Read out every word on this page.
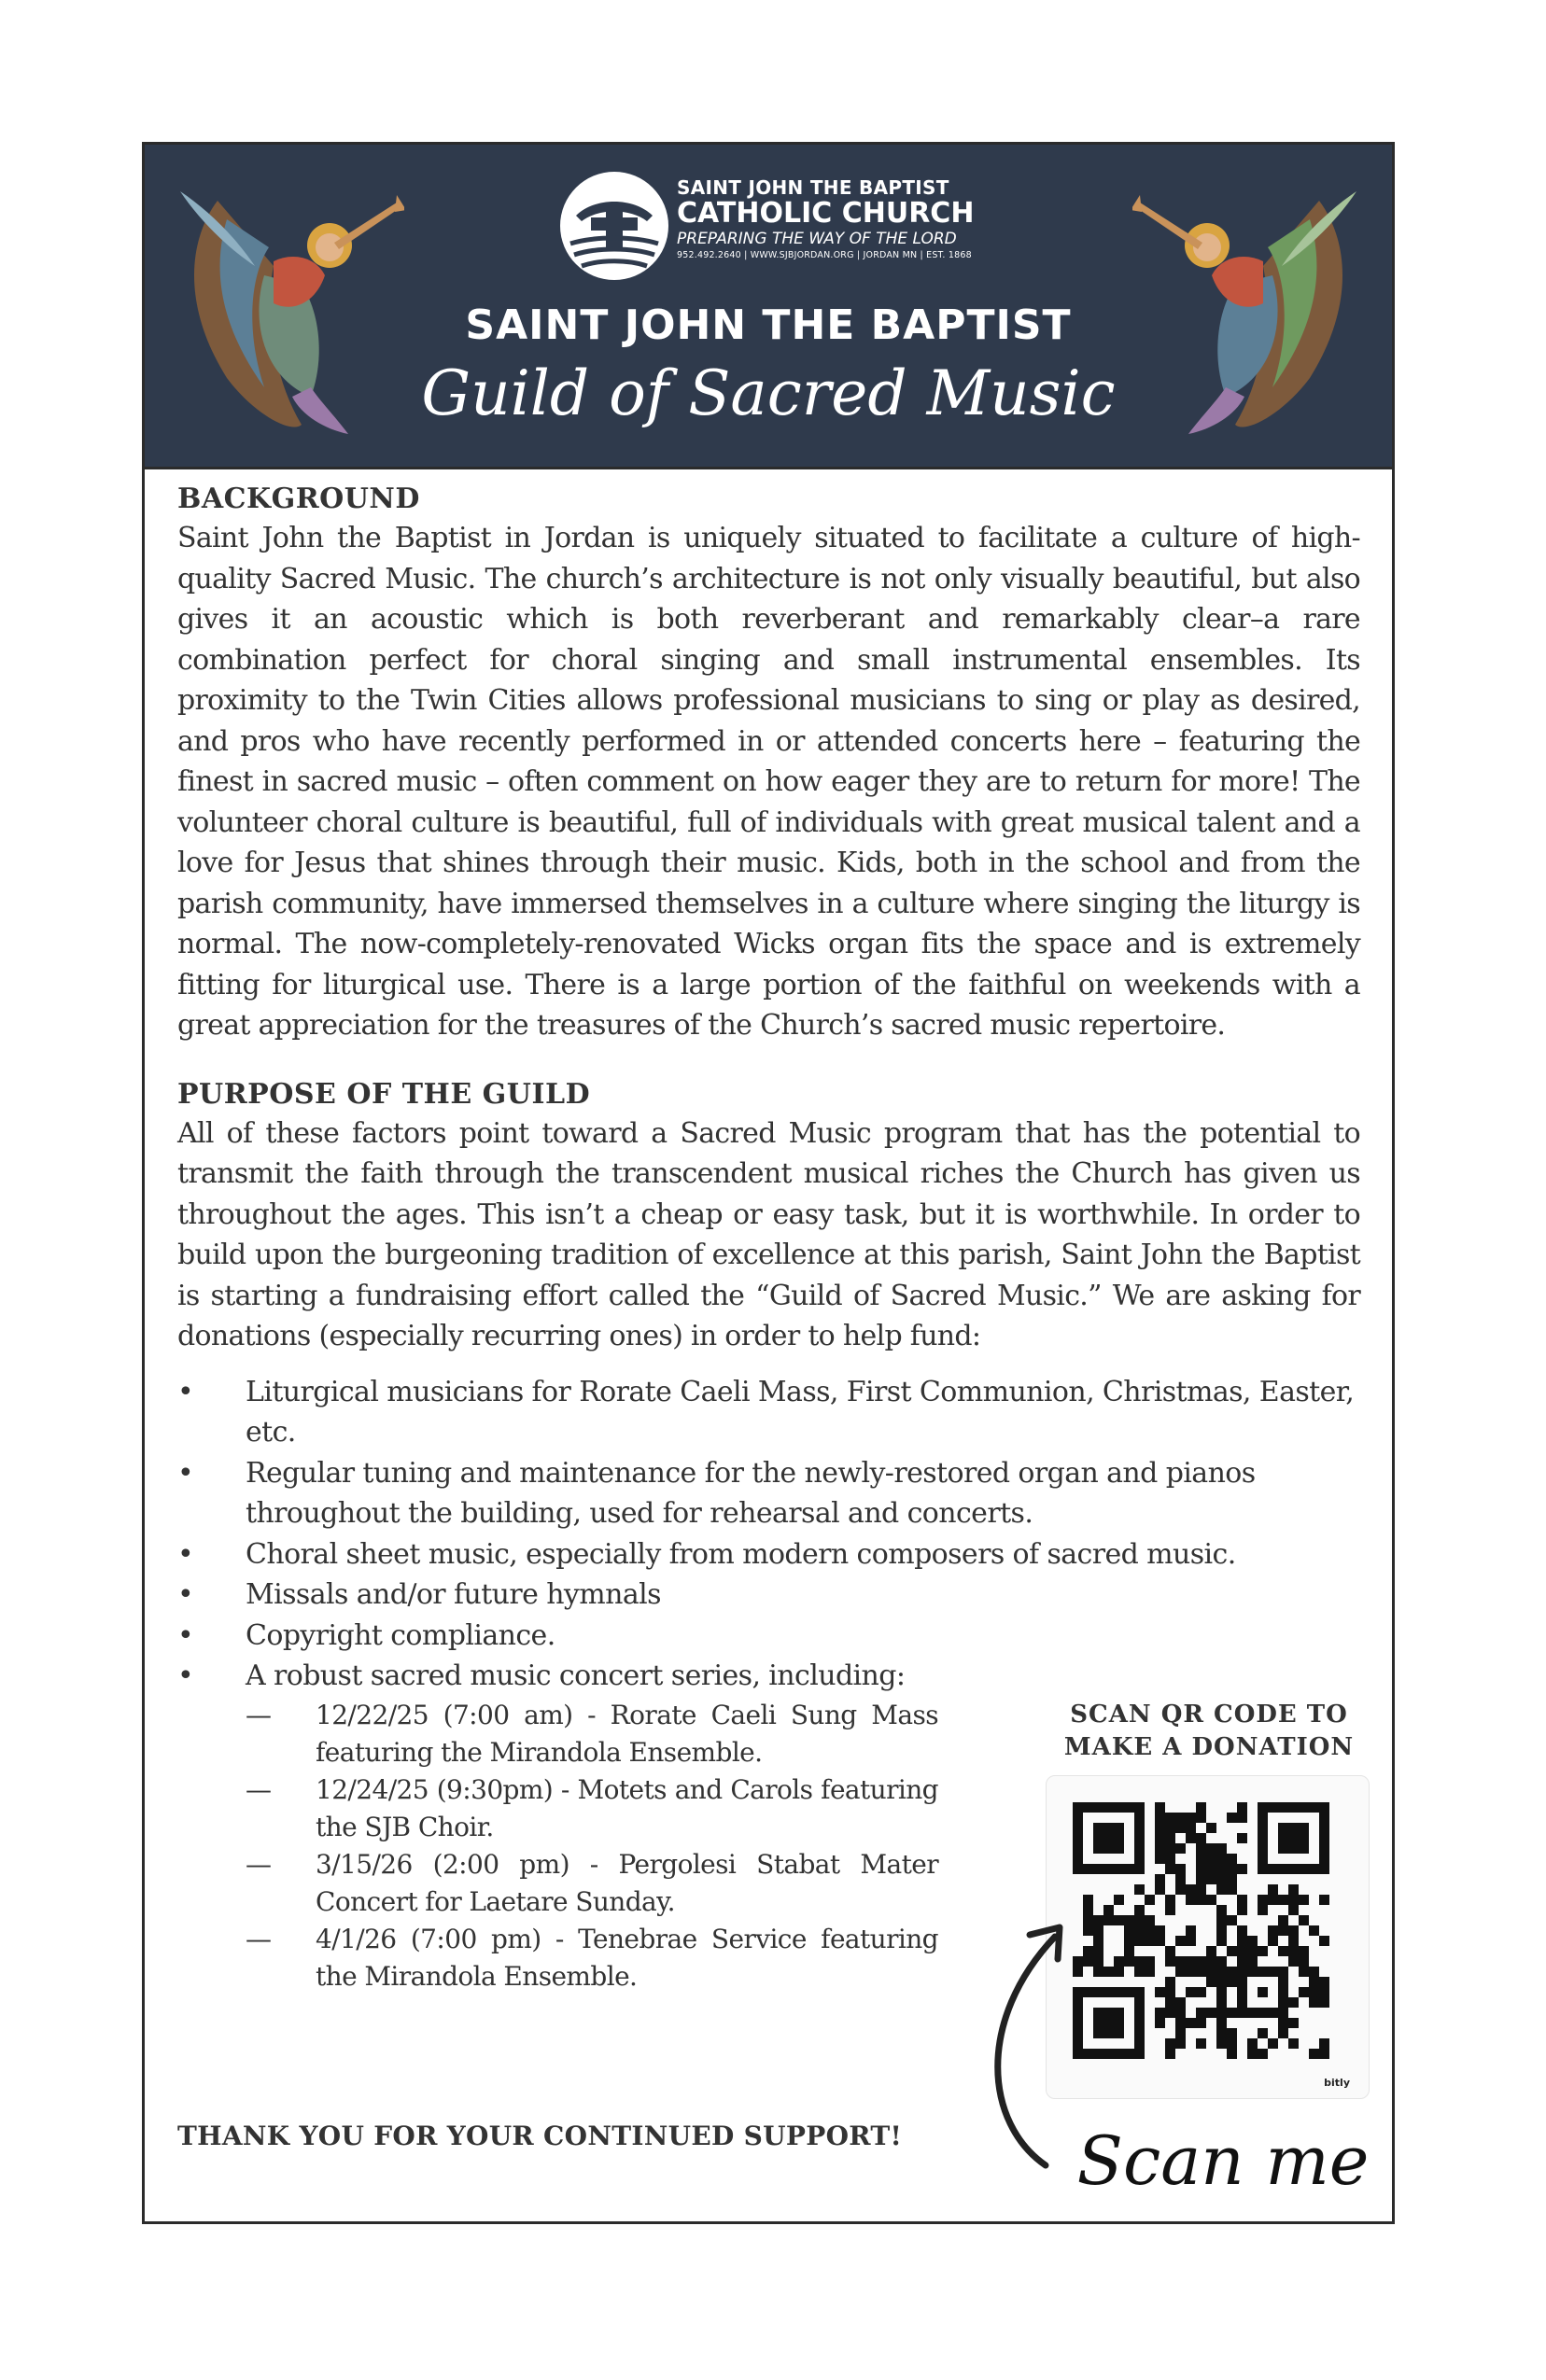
SAINT JOHN THE BAPTIST
CATHOLIC CHURCH
PREPARING THE WAY OF THE LORD
952.492.2640 | WWW.SJBJORDAN.ORG | JORDAN MN | EST. 1868
SAINT JOHN THE BAPTIST
Guild of Sacred Music

BACKGROUND

Saint John the Baptist in Jordan is uniquely situated to facilitate a culture of high-quality Sacred Music. The church’s architecture is not only visually beautiful, but also gives it an acoustic which is both reverberant and remarkably clear–a rare combination perfect for choral singing and small instrumental ensembles. Its proximity to the Twin Cities allows professional musicians to sing or play as desired, and pros who have recently performed in or attended concerts here – featuring the finest in sacred music – often comment on how eager they are to return for more! The volunteer choral culture is beautiful, full of individuals with great musical talent and a love for Jesus that shines through their music. Kids, both in the school and from the parish community, have immersed themselves in a culture where singing the liturgy is normal. The now-completely-renovated Wicks organ fits the space and is extremely fitting for liturgical use. There is a large portion of the faithful on weekends with a great appreciation for the treasures of the Church’s sacred music repertoire.

PURPOSE OF THE GUILD

All of these factors point toward a Sacred Music program that has the potential to transmit the faith through the transcendent musical riches the Church has given us throughout the ages. This isn’t a cheap or easy task, but it is worthwhile. In order to build upon the burgeoning tradition of excellence at this parish, Saint John the Baptist is starting a fundraising effort called the “Guild of Sacred Music.” We are asking for donations (especially recurring ones) in order to help fund:

• Liturgical musicians for Rorate Caeli Mass, First Communion, Christmas, Easter, etc.
• Regular tuning and maintenance for the newly-restored organ and pianos throughout the building, used for rehearsal and concerts.
• Choral sheet music, especially from modern composers of sacred music.
• Missals and/or future hymnals
• Copyright compliance.
• A robust sacred music concert series, including:
— 12/22/25 (7:00 am) - Rorate Caeli Sung Mass featuring the Mirandola Ensemble.
— 12/24/25 (9:30pm) - Motets and Carols featuring the SJB Choir.
— 3/15/26 (2:00 pm) - Pergolesi Stabat Mater Concert for Laetare Sunday.
— 4/1/26 (7:00 pm) - Tenebrae Service featuring the Mirandola Ensemble.
THANK YOU FOR YOUR CONTINUED SUPPORT!
SCAN QR CODE TO
MAKE A DONATION
bitly
Scan me
